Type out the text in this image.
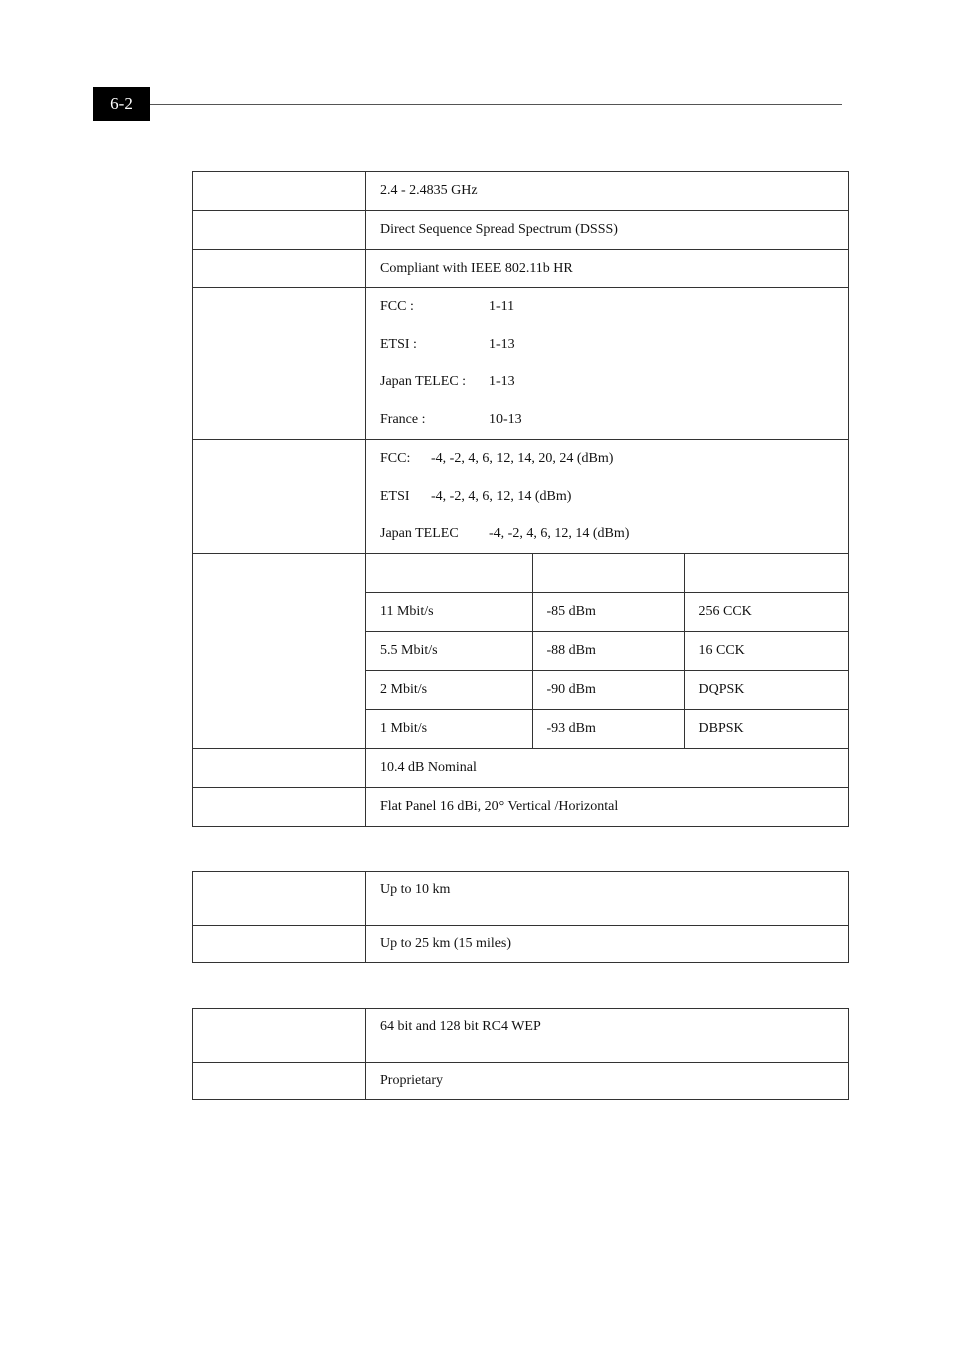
6-2
	2.4 - 2.4835 GHz
	Direct Sequence Spread Spectrum (DSSS)
	Compliant with IEEE 802.11b HR

FCC :	1-11
ETSI :	1-13
Japan TELEC :	1-13
France :	10-13

FCC:	-4, -2, 4, 6, 12, 14, 20, 24 (dBm)
ETSI	-4, -2, 4, 6, 12, 14 (dBm)
Japan TELEC	-4, -2, 4, 6, 12, 14 (dBm)

11 Mbit/s	-85 dBm	256 CCK
5.5 Mbit/s	-88 dBm	16 CCK
2 Mbit/s	-90 dBm	DQPSK
1 Mbit/s	-93 dBm	DBPSK

	10.4 dB Nominal
	Flat Panel 16 dBi, 20° Vertical /Horizontal
	Up to 10 km
	Up to 25 km (15 miles)
	64 bit and 128 bit RC4 WEP
	Proprietary
